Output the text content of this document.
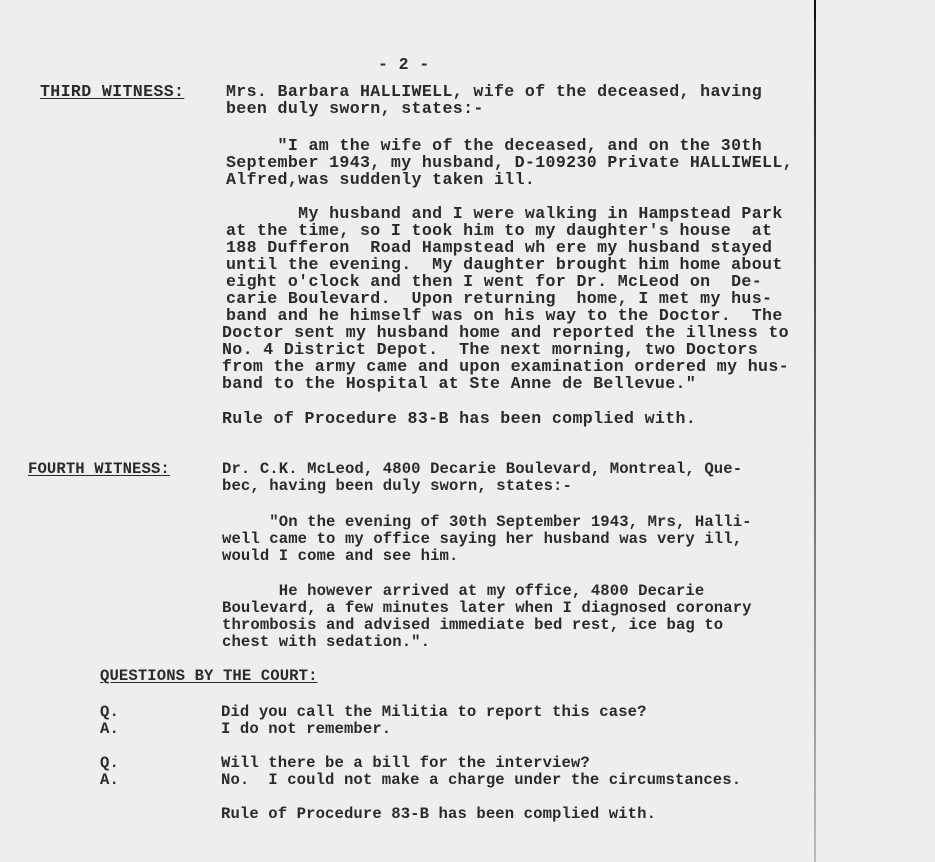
- 2 -
THIRD WITNESS:	Mrs. Barbara HALLIWELL, wife of the deceased, having
been duly sworn, states:-
"I am the wife of the deceased, and on the 30th
September 1943, my husband, D-109230 Private HALLIWELL,
Alfred,was suddenly taken ill.
My husband and I were walking in Hampstead Park
at the time, so I took him to my daughter's house  at
188 Dufferon  Road Hampstead wh ere my husband stayed
until the evening.  My daughter brought him home about
eight o'clock and then I went for Dr. McLeod on  De-
carie Boulevard.  Upon returning  home, I met my hus-
band and he himself was on his way to the Doctor.  The
Doctor sent my husband home and reported the illness to
No. 4 District Depot.  The next morning, two Doctors
from the army came and upon examination ordered my hus-
band to the Hospital at Ste Anne de Bellevue."
Rule of Procedure 83-B has been complied with.
FOURTH WITNESS:	Dr. C.K. McLeod, 4800 Decarie Boulevard, Montreal, Que-
bec, having been duly sworn, states:-
"On the evening of 30th September 1943, Mrs, Halli-
well came to my office saying her husband was very ill,
would I come and see him.
He however arrived at my office, 4800 Decarie
Boulevard, a few minutes later when I diagnosed coronary
thrombosis and advised immediate bed rest, ice bag to
chest with sedation.".
QUESTIONS BY THE COURT:
Q.	Did you call the Militia to report this case?
A.	I do not remember.
Q.	Will there be a bill for the interview?
A.	No.  I could not make a charge under the circumstances.
Rule of Procedure 83-B has been complied with.
